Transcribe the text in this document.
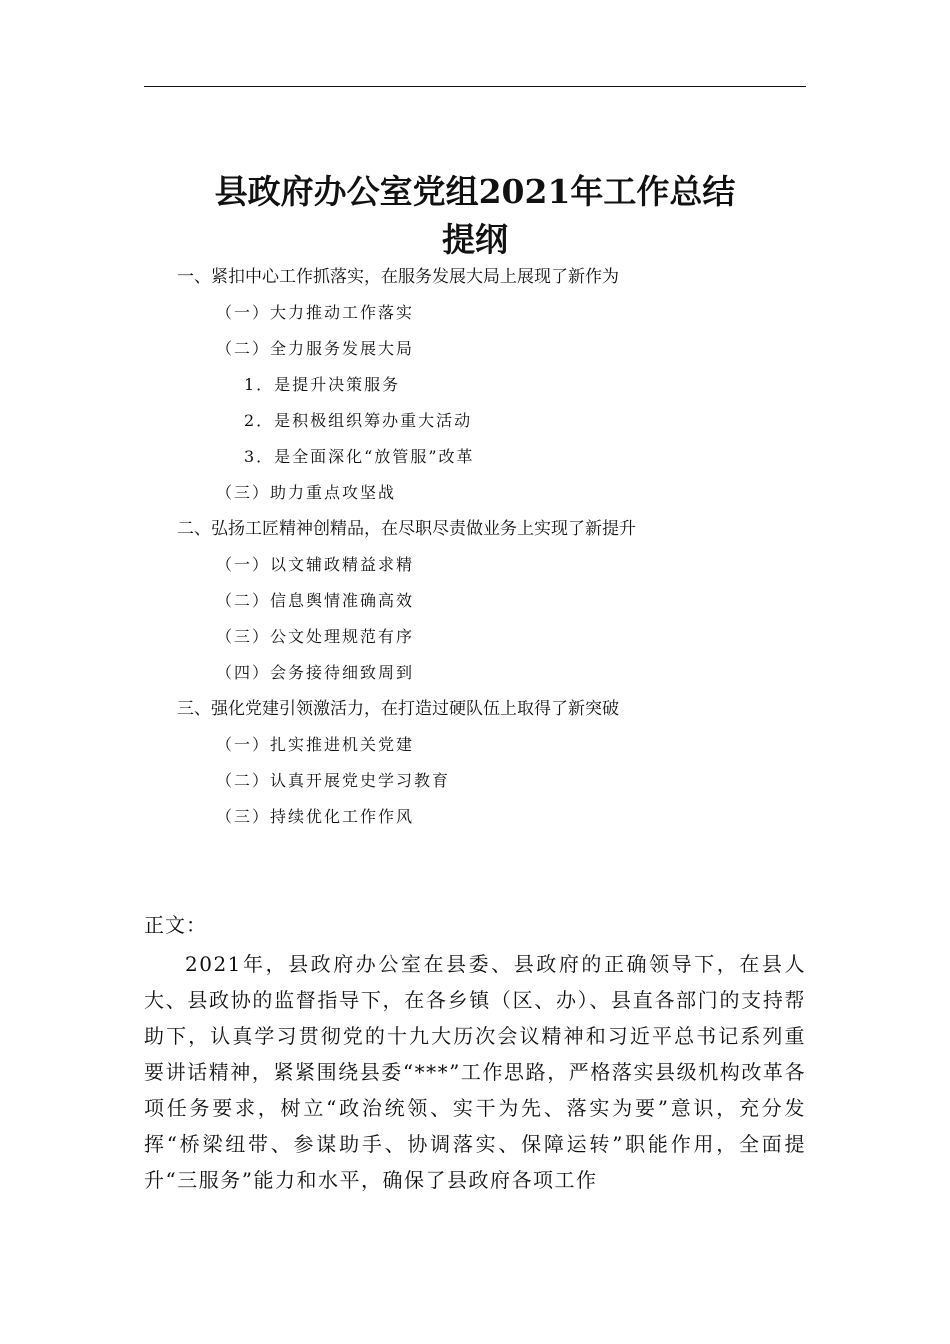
县政府办公室党组2021年工作总结
提纲
一、紧扣中心工作抓落实，在服务发展大局上展现了新作为
（一）大力推动工作落实
（二）全力服务发展大局
1．是提升决策服务
2．是积极组织筹办重大活动
3．是全面深化“放管服”改革
（三）助力重点攻坚战
二、弘扬工匠精神创精品，在尽职尽责做业务上实现了新提升
（一）以文辅政精益求精
（二）信息舆情准确高效
（三）公文处理规范有序
（四）会务接待细致周到
三、强化党建引领激活力，在打造过硬队伍上取得了新突破
（一）扎实推进机关党建
（二）认真开展党史学习教育
（三）持续优化工作作风
正文：
2021年，县政府办公室在县委、县政府的正确领导下，在县人大、县政协的监督指导下，在各乡镇（区、办）、县直各部门的支持帮助下，认真学习贯彻党的十九大历次会议精神和习近平总书记系列重要讲话精神，紧紧围绕县委“***”工作思路，严格落实县级机构改革各项任务要求，树立“政治统领、实干为先、落实为要”意识，充分发挥“桥梁纽带、参谋助手、协调落实、保障运转”职能作用，全面提升“三服务”能力和水平，确保了县政府各项工作
